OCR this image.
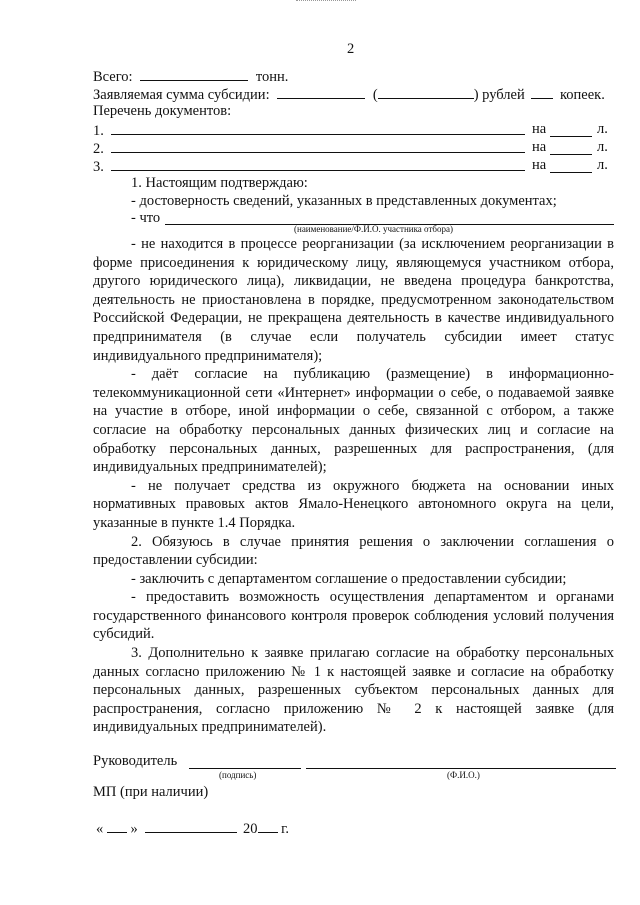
2
Всего:	тонн.
Заявляемая сумма субсидии:	(	) рублей копеек.
Перечень документов:
1.	на	л.
2.	на	л.
3.	на	л.
1. Настоящим подтверждаю:
- достоверность сведений, указанных в представленных документах;
- что
(наименование/Ф.И.О. участника отбора)

- не находится в процессе реорганизации (за исключением реорганизации в форме присоединения к юридическому лицу, являющемуся участником отбора, другого юридического лица), ликвидации, не введена процедура банкротства, деятельность не приостановлена в порядке, предусмотренном законодательством Российской Федерации, не прекращена деятельность в качестве индивидуального предпринимателя (в случае если получатель субсидии имеет статус индивидуального предпринимателя);

- даёт согласие на публикацию (размещение) в информационно-телекоммуникационной сети «Интернет» информации о себе, о подаваемой заявке на участие в отборе, иной информации о себе, связанной с отбором, а также согласие на обработку персональных данных физических лиц и согласие на обработку персональных данных, разрешенных для распространения, (для индивидуальных предпринимателей);

- не получает средства из окружного бюджета на основании иных нормативных правовых актов Ямало-Ненецкого автономного округа на цели, указанные в пункте 1.4 Порядка.

2. Обязуюсь в случае принятия решения о заключении соглашения о предоставлении субсидии:

- заключить с департаментом соглашение о предоставлении субсидии;

- предоставить возможность осуществления департаментом и органами государственного финансового контроля проверок соблюдения условий получения субсидий.

3. Дополнительно к заявке прилагаю согласие на обработку персональных данных согласно приложению № 1 к настоящей заявке и согласие на обработку персональных данных, разрешенных субъектом персональных данных для распространения, согласно приложению № 2 к настоящей заявке (для индивидуальных предпринимателей).

Руководитель
(подпись)	(Ф.И.О.)
МП (при наличии)
« »	20 г.
